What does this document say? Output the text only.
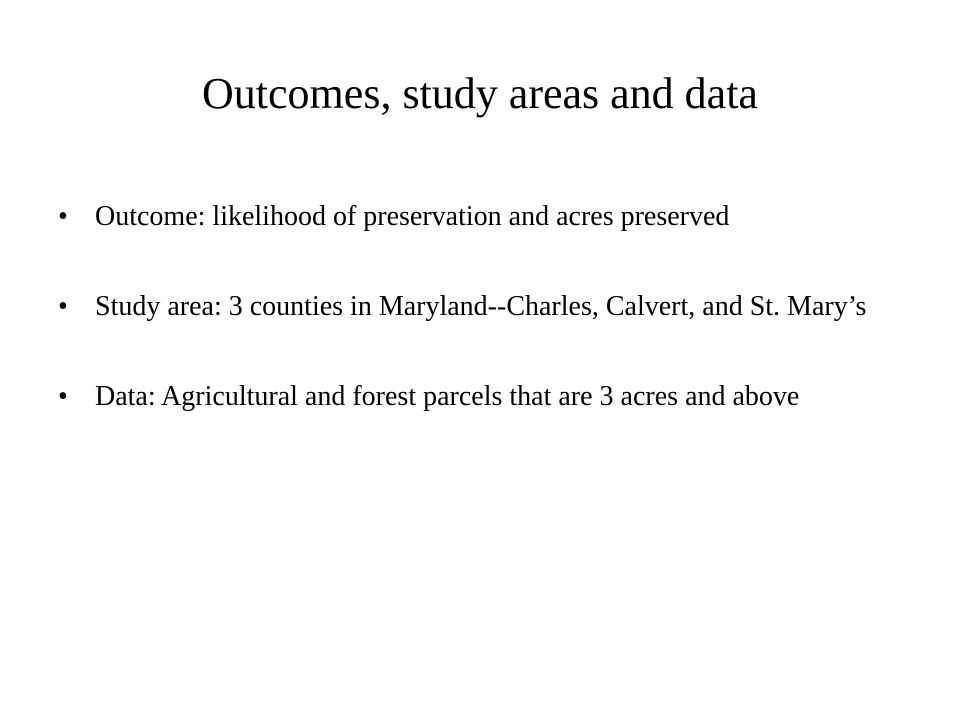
Outcomes, study areas and data
• Outcome: likelihood of preservation and acres preserved
• Study area: 3 counties in Maryland--Charles, Calvert, and St. Mary’s
• Data: Agricultural and forest parcels that are 3 acres and above
